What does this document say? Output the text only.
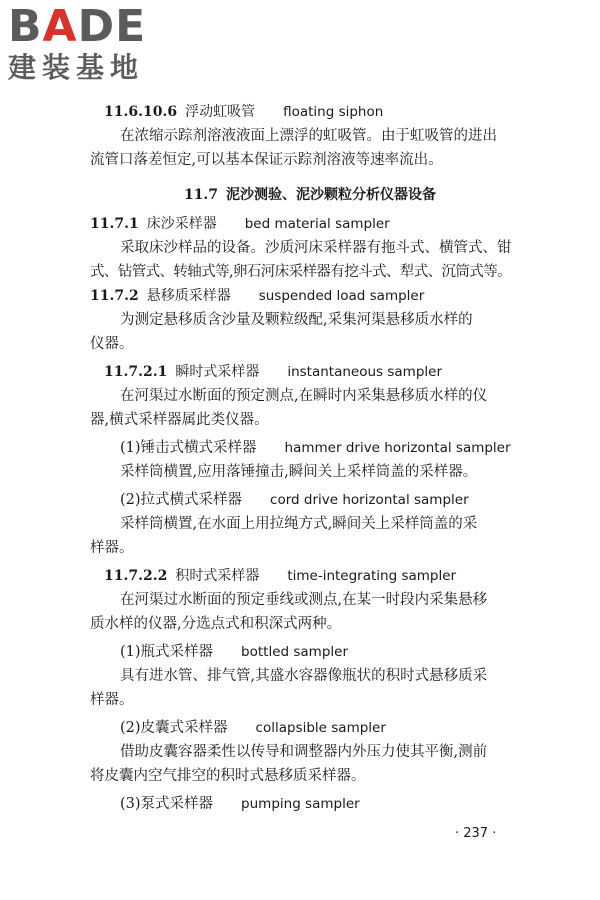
BADE
建装基地
11.6.10.6 浮动虹吸管 floating siphon
在浓缩示踪剂溶液液面上漂浮的虹吸管。由于虹吸管的进出
流管口落差恒定,可以基本保证示踪剂溶液等速率流出。
11.7 泥沙测验、泥沙颗粒分析仪器设备
11.7.1 床沙采样器 bed material sampler
采取床沙样品的设备。沙质河床采样器有拖斗式、横管式、钳
式、钻管式、转轴式等,卵石河床采样器有挖斗式、犁式、沉筒式等。
11.7.2 悬移质采样器 suspended load sampler
为测定悬移质含沙量及颗粒级配,采集河渠悬移质水样的
仪器。
11.7.2.1 瞬时式采样器 instantaneous sampler
在河渠过水断面的预定测点,在瞬时内采集悬移质水样的仪
器,横式采样器属此类仪器。
(1)锤击式横式采样器 hammer drive horizontal sampler
采样筒横置,应用落锤撞击,瞬间关上采样筒盖的采样器。
(2)拉式横式采样器 cord drive horizontal sampler
采样筒横置,在水面上用拉绳方式,瞬间关上采样筒盖的采
样器。
11.7.2.2 积时式采样器 time-integrating sampler
在河渠过水断面的预定垂线或测点,在某一时段内采集悬移
质水样的仪器,分选点式和积深式两种。
(1)瓶式采样器 bottled sampler
具有进水管、排气管,其盛水容器像瓶状的积时式悬移质采
样器。
(2)皮囊式采样器 collapsible sampler
借助皮囊容器柔性以传导和调整器内外压力使其平衡,测前
将皮囊内空气排空的积时式悬移质采样器。
(3)泵式采样器 pumping sampler
· 237 ·
